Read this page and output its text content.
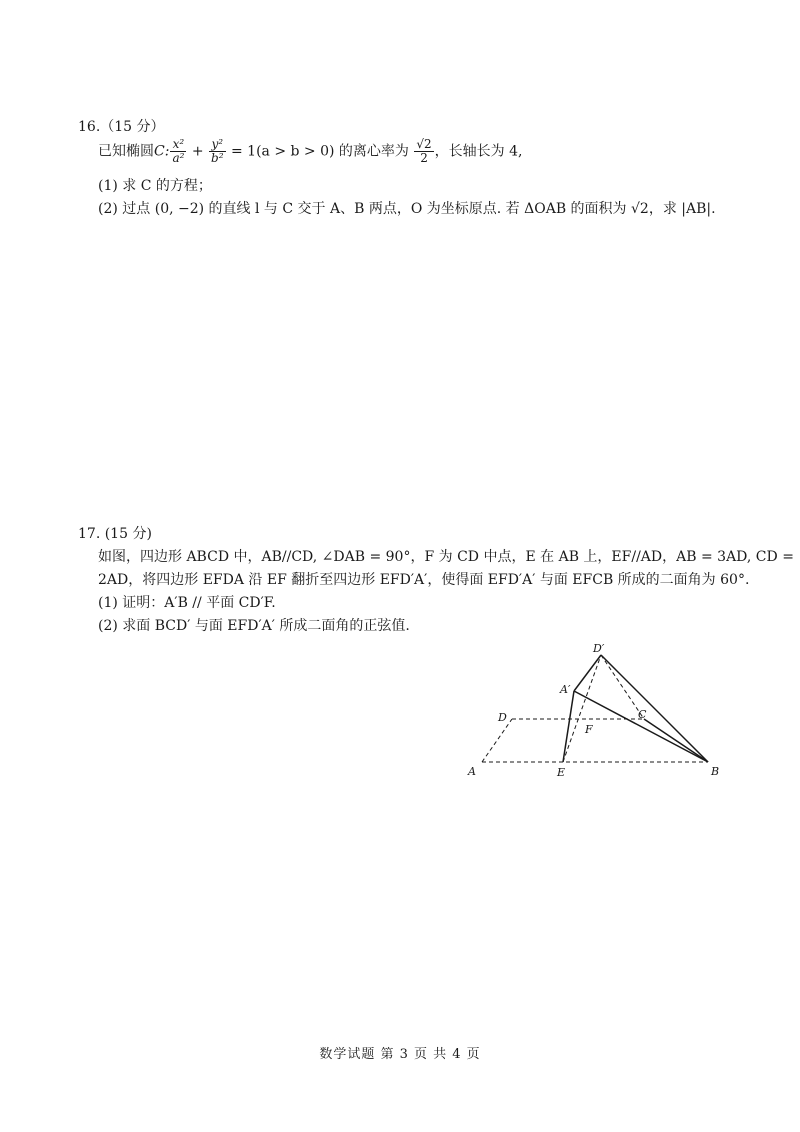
16.（15 分）
已知椭圆C: $\frac{\text{x²}}{\text{a²}} + \frac{\text{y²}}{\text{b²}} = 1(a > b > 0)$ 的离心率为 $\frac{√2}{2}$ ，长轴长为 4,
(1) 求 C 的方程；
(2) 过点 (0, −2) 的直线 l 与 C 交于 A、B 两点，O 为坐标原点. 若 ΔOAB 的面积为 √2，求 |AB|.
17. (15 分)
如图，四边形 ABCD 中，AB//CD, ∠DAB = 90°，F 为 CD 中点，E 在 AB 上，EF//AD，AB = 3AD, CD =
2AD，将四边形 EFDA 沿 EF 翻折至四边形 EFD′A′，使得面 EFD′A′ 与面 EFCB 所成的二面角为 60°.
(1) 证明：A′B // 平面 CD′F.
(2) 求面 BCD′ 与面 EFD′A′ 所成二面角的正弦值.
A	B
C
D
E
F
A′
D′
数学试题 第 3 页 共 4 页
